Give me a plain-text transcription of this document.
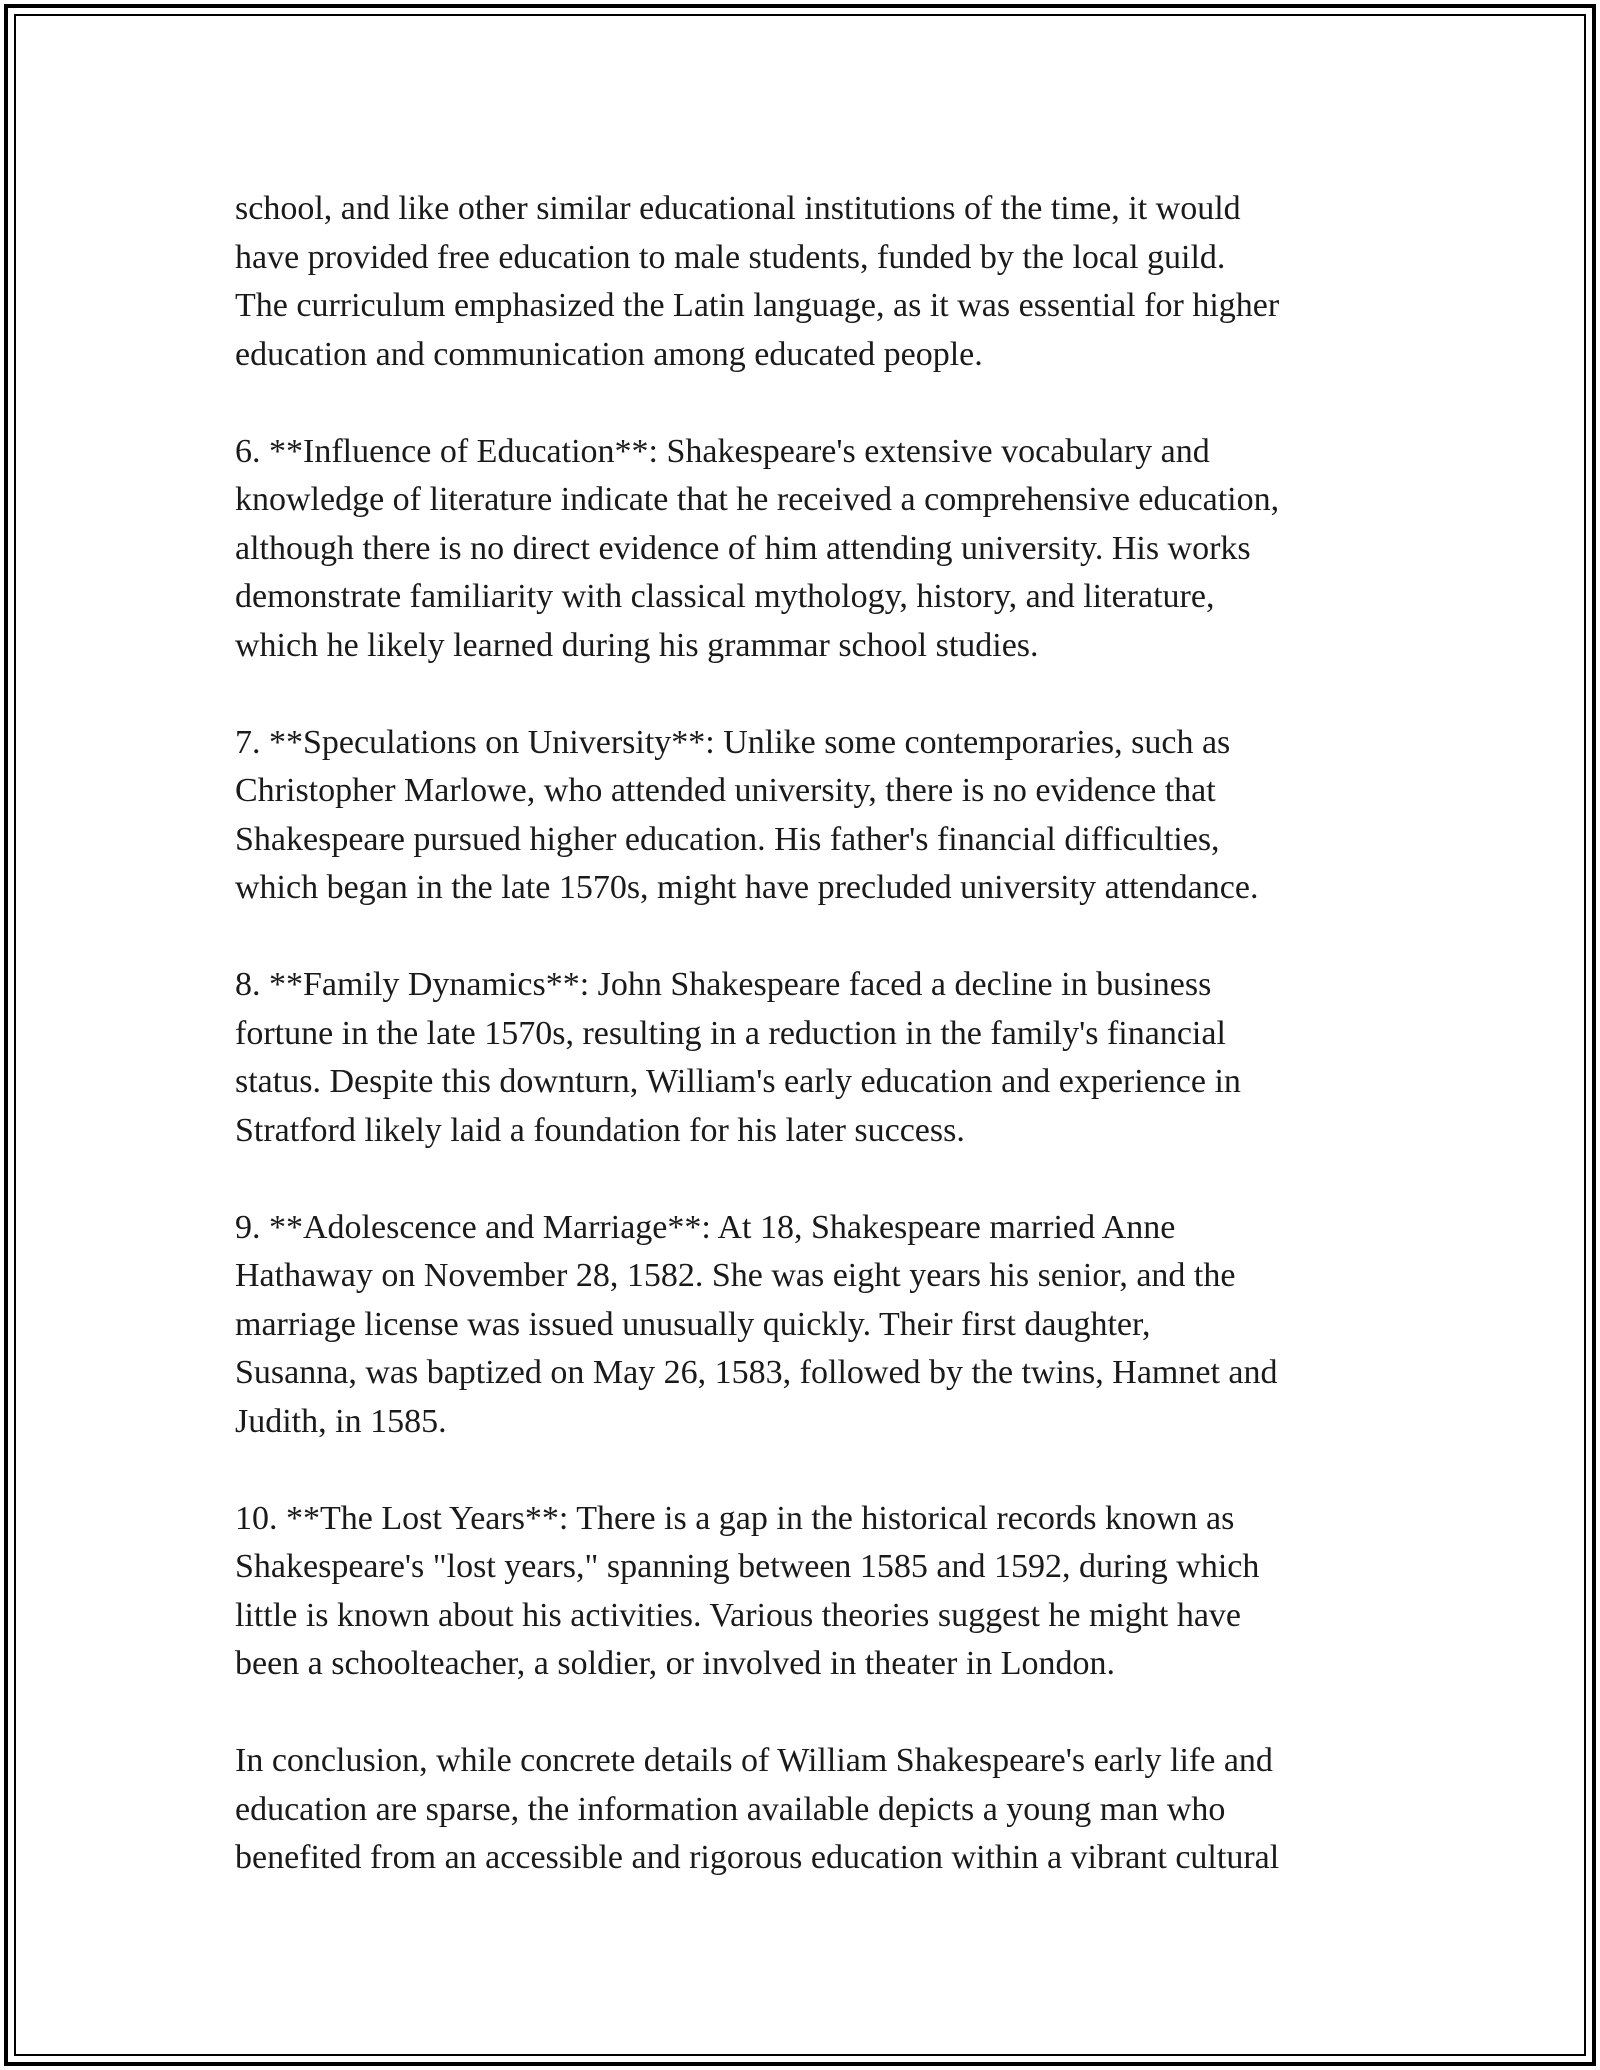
school, and like other similar educational institutions of the time, it would
have provided free education to male students, funded by the local guild.
The curriculum emphasized the Latin language, as it was essential for higher
education and communication among educated people.

6. **Influence of Education**: Shakespeare's extensive vocabulary and
knowledge of literature indicate that he received a comprehensive education,
although there is no direct evidence of him attending university. His works
demonstrate familiarity with classical mythology, history, and literature,
which he likely learned during his grammar school studies.

7. **Speculations on University**: Unlike some contemporaries, such as
Christopher Marlowe, who attended university, there is no evidence that
Shakespeare pursued higher education. His father's financial difficulties,
which began in the late 1570s, might have precluded university attendance.

8. **Family Dynamics**: John Shakespeare faced a decline in business
fortune in the late 1570s, resulting in a reduction in the family's financial
status. Despite this downturn, William's early education and experience in
Stratford likely laid a foundation for his later success.

9. **Adolescence and Marriage**: At 18, Shakespeare married Anne
Hathaway on November 28, 1582. She was eight years his senior, and the
marriage license was issued unusually quickly. Their first daughter,
Susanna, was baptized on May 26, 1583, followed by the twins, Hamnet and
Judith, in 1585.

10. **The Lost Years**: There is a gap in the historical records known as
Shakespeare's "lost years," spanning between 1585 and 1592, during which
little is known about his activities. Various theories suggest he might have
been a schoolteacher, a soldier, or involved in theater in London.

In conclusion, while concrete details of William Shakespeare's early life and
education are sparse, the information available depicts a young man who
benefited from an accessible and rigorous education within a vibrant cultural
